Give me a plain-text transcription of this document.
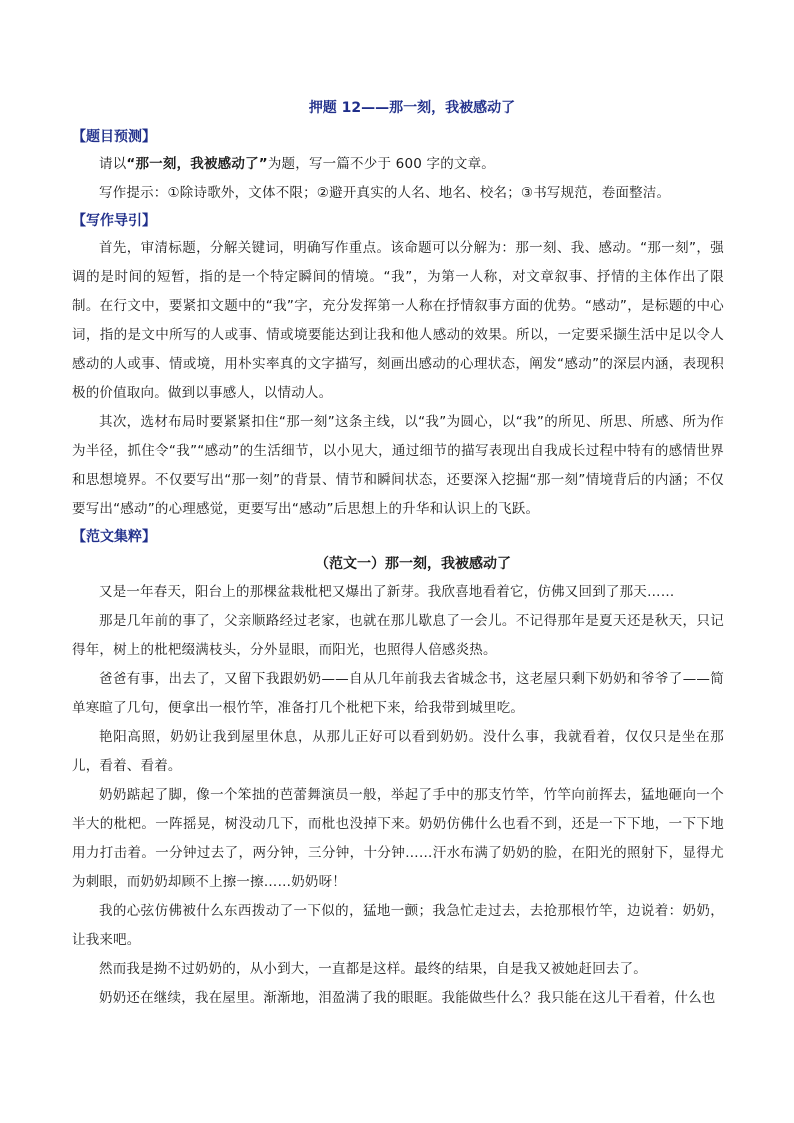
押题 12——那一刻，我被感动了
【题目预测】

请以“那一刻，我被感动了”为题，写一篇不少于 600 字的文章。

写作提示：①除诗歌外，文体不限；②避开真实的人名、地名、校名；③书写规范，卷面整洁。

【写作导引】

首先，审清标题，分解关键词，明确写作重点。该命题可以分解为：那一刻、我、感动。“那一刻”，强调的是时间的短暂，指的是一个特定瞬间的情境。“我”，为第一人称，对文章叙事、抒情的主体作出了限制。在行文中，要紧扣文题中的“我”字，充分发挥第一人称在抒情叙事方面的优势。“感动”，是标题的中心词，指的是文中所写的人或事、情或境要能达到让我和他人感动的效果。所以，一定要采撷生活中足以令人感动的人或事、情或境，用朴实率真的文字描写，刻画出感动的心理状态，阐发“感动”的深层内涵，表现积极的价值取向。做到以事感人，以情动人。

其次，选材布局时要紧紧扣住“那一刻”这条主线，以“我”为圆心，以“我”的所见、所思、所感、所为作为半径，抓住令“我”“感动”的生活细节，以小见大，通过细节的描写表现出自我成长过程中特有的感情世界和思想境界。不仅要写出“那一刻”的背景、情节和瞬间状态，还要深入挖掘“那一刻”情境背后的内涵；不仅要写出“感动”的心理感觉，更要写出“感动”后思想上的升华和认识上的飞跃。

【范文集粹】
（范文一）那一刻，我被感动了

又是一年春天，阳台上的那棵盆栽枇杷又爆出了新芽。我欣喜地看着它，仿佛又回到了那天……

那是几年前的事了，父亲顺路经过老家，也就在那儿歇息了一会儿。不记得那年是夏天还是秋天，只记得年，树上的枇杷缀满枝头，分外显眼，而阳光，也照得人倍感炎热。

爸爸有事，出去了，又留下我跟奶奶——自从几年前我去省城念书，这老屋只剩下奶奶和爷爷了——简单寒暄了几句，便拿出一根竹竿，准备打几个枇杷下来，给我带到城里吃。

艳阳高照，奶奶让我到屋里休息，从那儿正好可以看到奶奶。没什么事，我就看着，仅仅只是坐在那儿，看着、看着。

奶奶踮起了脚，像一个笨拙的芭蕾舞演员一般，举起了手中的那支竹竿，竹竿向前挥去，猛地砸向一个半大的枇杷。一阵摇晃，树没动几下，而枇也没掉下来。奶奶仿佛什么也看不到，还是一下下地，一下下地用力打击着。一分钟过去了，两分钟，三分钟，十分钟……汗水布满了奶奶的脸，在阳光的照射下，显得尤为刺眼，而奶奶却顾不上擦一擦……奶奶呀！

我的心弦仿佛被什么东西拨动了一下似的，猛地一颤；我急忙走过去，去抢那根竹竿，边说着：奶奶，让我来吧。

然而我是拗不过奶奶的，从小到大，一直都是这样。最终的结果，自是我又被她赶回去了。

奶奶还在继续，我在屋里。渐渐地，泪盈满了我的眼眶。我能做些什么？我只能在这儿干看着，什么也
